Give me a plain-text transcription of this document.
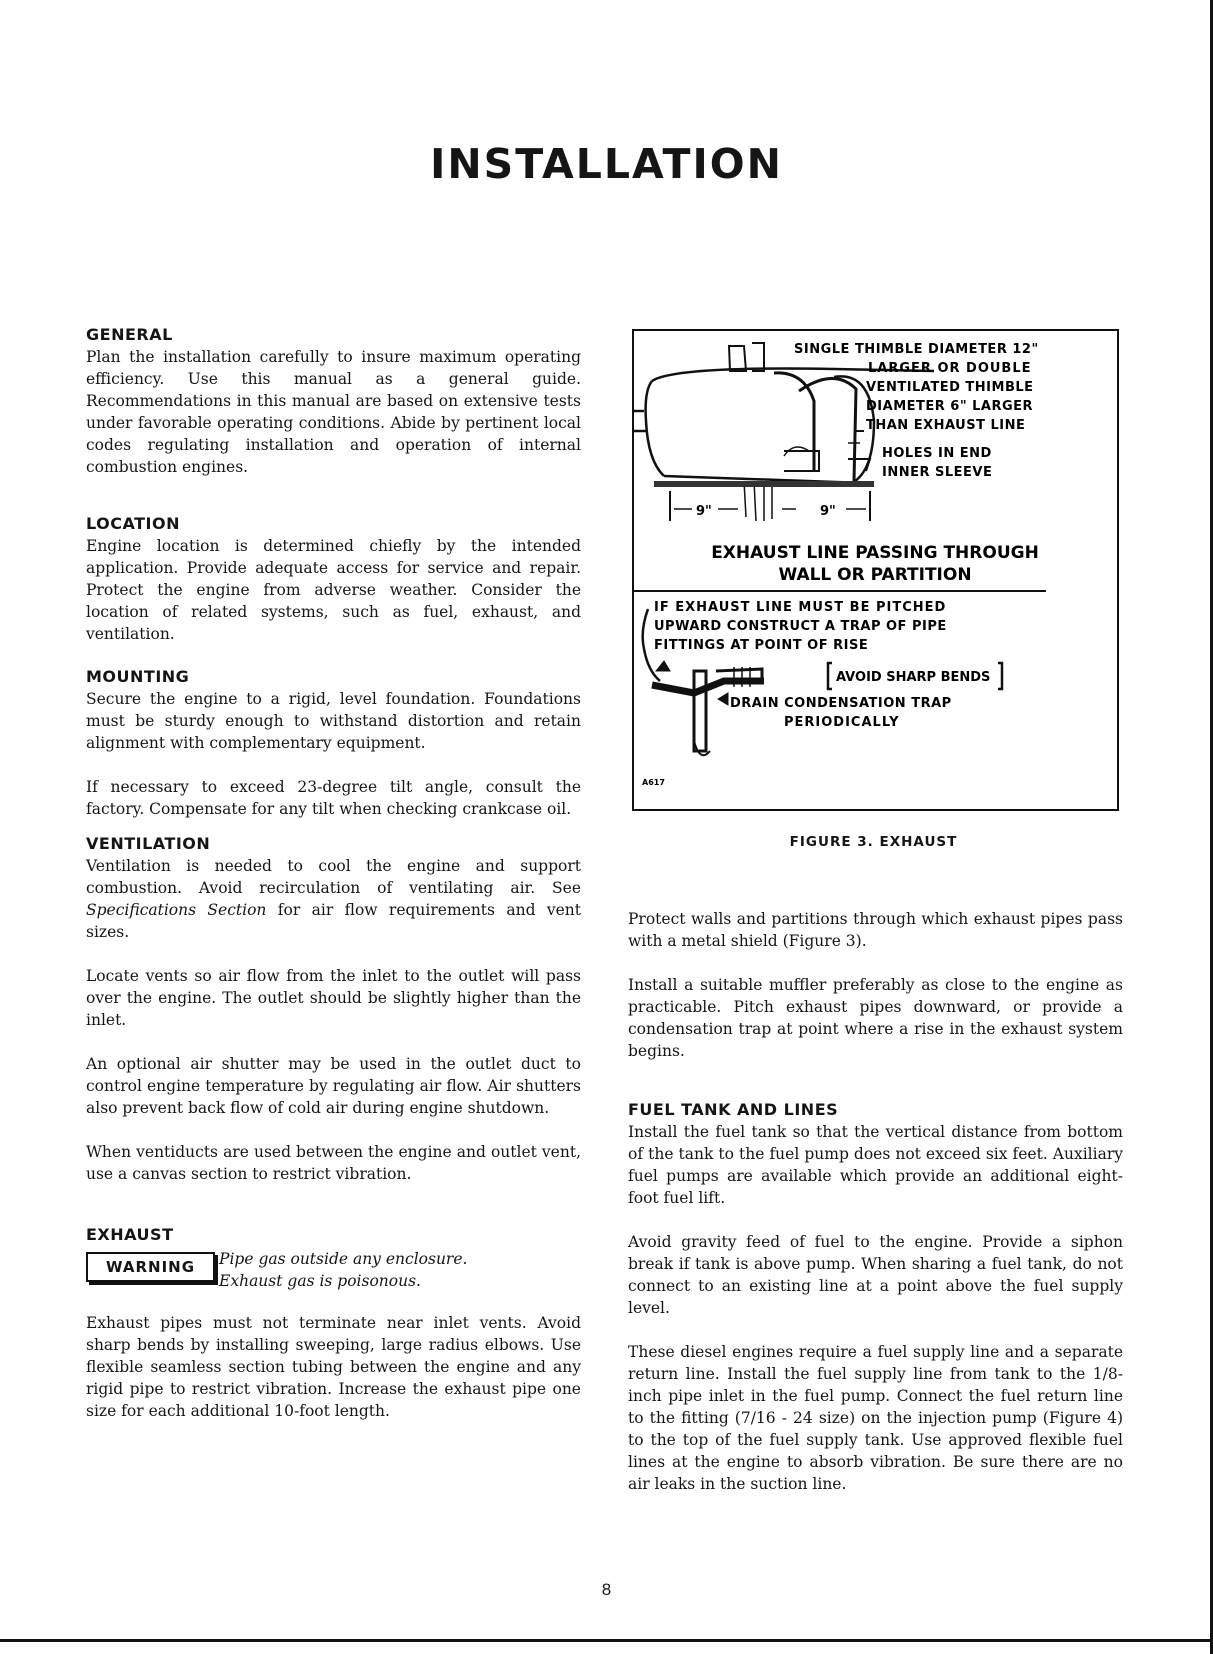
INSTALLATION
GENERAL

Plan the installation carefully to insure maximum operating efficiency. Use this manual as a general guide. Recommendations in this manual are based on extensive tests under favorable operating conditions. Abide by pertinent local codes regulating installation and operation of internal combustion engines.

LOCATION

Engine location is determined chiefly by the intended application. Provide adequate access for service and repair. Protect the engine from adverse weather. Consider the location of related systems, such as fuel, exhaust, and ventilation.

MOUNTING

Secure the engine to a rigid, level foundation. Foundations must be sturdy enough to withstand distortion and retain alignment with complementary equipment.

If necessary to exceed 23-degree tilt angle, consult the factory. Compensate for any tilt when checking crankcase oil.

VENTILATION

Ventilation is needed to cool the engine and support combustion. Avoid recirculation of ventilating air. See Specifications Section for air flow requirements and vent sizes.

Locate vents so air flow from the inlet to the outlet will pass over the engine. The outlet should be slightly higher than the inlet.

An optional air shutter may be used in the outlet duct to control engine temperature by regulating air flow. Air shutters also prevent back flow of cold air during engine shutdown.

When ventiducts are used between the engine and outlet vent, use a canvas section to restrict vibration.

EXHAUST
WARNING	Pipe gas outside any enclosure.
Exhaust gas is poisonous.

Exhaust pipes must not terminate near inlet vents. Avoid sharp bends by installing sweeping, large radius elbows. Use flexible seamless section tubing between the engine and any rigid pipe to restrict vibration. Increase the exhaust pipe one size for each additional 10-foot length.

9"	9"
SINGLE THIMBLE DIAMETER 12"
LARGER OR DOUBLE
VENTILATED THIMBLE
DIAMETER 6" LARGER
THAN EXHAUST LINE
HOLES IN END
INNER SLEEVE
EXHAUST LINE PASSING THROUGH
WALL OR PARTITION
IF EXHAUST LINE MUST BE PITCHED
UPWARD CONSTRUCT A TRAP OF PIPE
FITTINGS AT POINT OF RISE
AVOID SHARP BENDS
DRAIN CONDENSATION TRAP
PERIODICALLY
A617
FIGURE 3. EXHAUST

Protect walls and partitions through which exhaust pipes pass with a metal shield (Figure 3).

Install a suitable muffler preferably as close to the engine as practicable. Pitch exhaust pipes downward, or provide a condensation trap at point where a rise in the exhaust system begins.

FUEL TANK AND LINES

Install the fuel tank so that the vertical distance from bottom of the tank to the fuel pump does not exceed six feet. Auxiliary fuel pumps are available which provide an additional eight-foot fuel lift.

Avoid gravity feed of fuel to the engine. Provide a siphon break if tank is above pump. When sharing a fuel tank, do not connect to an existing line at a point above the fuel supply level.

These diesel engines require a fuel supply line and a separate return line. Install the fuel supply line from tank to the 1/8-inch pipe inlet in the fuel pump. Connect the fuel return line to the fitting (7/16 - 24 size) on the injection pump (Figure 4) to the top of the fuel supply tank. Use approved flexible fuel lines at the engine to absorb vibration. Be sure there are no air leaks in the suction line.

8
